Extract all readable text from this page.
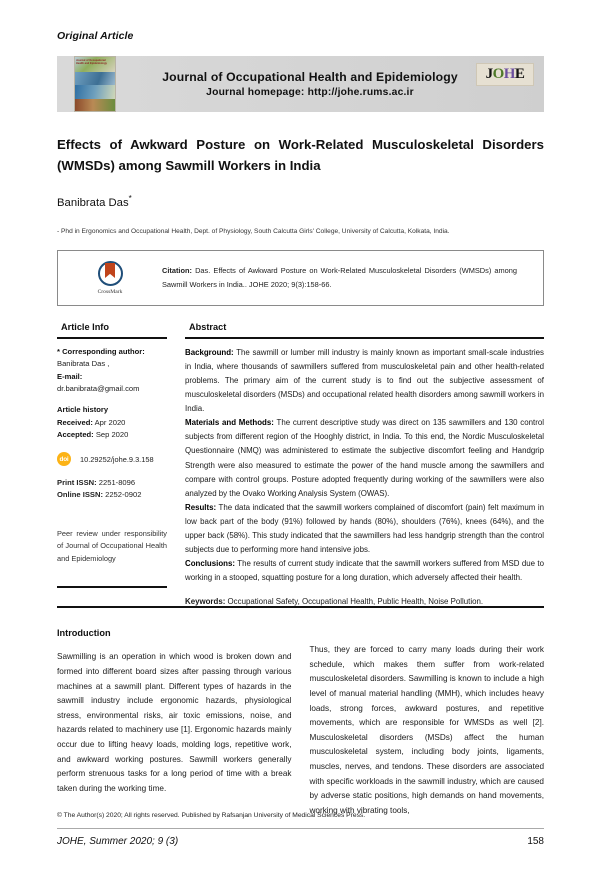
Original Article
Journal of Occupational Health and Epidemiology
Journal of Occupational Health and Epidemiology
Journal homepage: http://johe.rums.ac.ir
JOHE
Effects of Awkward Posture on Work-Related Musculoskeletal Disorders (WMSDs) among Sawmill Workers in India
Banibrata Das*
- Phd in Ergonomics and Occupational Health, Dept. of Physiology, South Calcutta Girls' College, University of Calcutta, Kolkata, India.
CrossMark
Citation: Das. Effects of Awkward Posture on Work-Related Musculoskeletal Disorders (WMSDs) among Sawmill Workers in India.. JOHE 2020; 9(3):158-66.
Article Info
* Corresponding author:
Banibrata Das ,
E-mail:
dr.banibrata@gmail.com
Article history
Received: Apr 2020
Accepted: Sep 2020
doi	10.29252/johe.9.3.158
Print ISSN: 2251-8096
Online ISSN: 2252-0902
Peer review under responsibility of Journal of Occupational Health and Epidemiology
Abstract

Background: The sawmill or lumber mill industry is mainly known as important small-scale industries in India, where thousands of sawmillers suffered from musculoskeletal pain and other health-related problems. The primary aim of the current study is to find out the subjective assessment of musculoskeletal disorders (MSDs) and occupational related health disorders among sawmill workers in India.

Materials and Methods: The current descriptive study was direct on 135 sawmillers and 130 control subjects from different region of the Hooghly district, in India. To this end, the Nordic Musculoskeletal Questionnaire (NMQ) was administered to estimate the subjective discomfort feeling and Handgrip Strength were also measured to estimate the power of the hand muscle among the sawmillers and compare with control groups. Posture adopted frequently during working of the sawmillers were also analyzed by the Ovako Working Analysis System (OWAS).

Results: The data indicated that the sawmill workers complained of discomfort (pain) felt maximum in low back part of the body (91%) followed by hands (80%), shoulders (76%), knees (64%), and the upper back (58%). This study indicated that the sawmillers had less handgrip strength than the control subjects due to performing more hand intensive jobs.

Conclusions: The results of current study indicate that the sawmill workers suffered from MSD due to working in a stooped, squatting posture for a long duration, which adversely affected their health.

Keywords: Occupational Safety, Occupational Health, Public Health, Noise Pollution.
Introduction

Sawmilling is an operation in which wood is broken down and formed into different board sizes after passing through various machines at a sawmill plant. Different types of hazards in the sawmill industry include ergonomic hazards, physiological stress, environmental risks, air toxic emissions, noise, and hazards related to machinery use [1]. Ergonomic hazards mainly occur due to lifting heavy loads, molding logs, repetitive work, and awkward working postures. Sawmill workers generally perform strenuous tasks for a long period of time with a break taken during the working time.

Thus, they are forced to carry many loads during their work schedule, which makes them suffer from work-related musculoskeletal disorders. Sawmilling is known to include a high level of manual material handling (MMH), which includes heavy loads, strong forces, awkward postures, and repetitive movements, which are responsible for WMSDs as well [2]. Musculoskeletal disorders (MSDs) affect the human musculoskeletal system, including body joints, ligaments, muscles, nerves, and tendons. These disorders are associated with specific workloads in the sawmill industry, which are caused by adverse static positions, high demands on hand movements, working with vibrating tools,

© The Author(s) 2020; All rights reserved. Published by Rafsanjan University of Medical Sciences Press.
JOHE, Summer 2020; 9 (3)	158
